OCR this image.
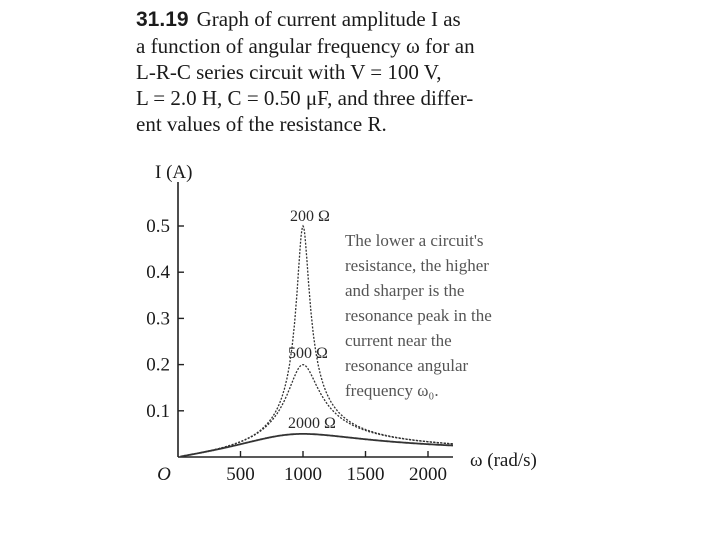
31.19 Graph of current amplitude I as
a function of angular frequency ω for an
L-R-C series circuit with V = 100 V,
L = 2.0 H, C = 0.50 μF, and three differ-
ent values of the resistance R.
0.1
0.2
0.3
0.4
0.5
500 1000 1500 2000
O
I (A)
ω (rad/s)
200 Ω
500 Ω
2000 Ω
The lower a circuit's
resistance, the higher
and sharper is the
resonance peak in the
current near the
resonance angular
frequency ω₀.
